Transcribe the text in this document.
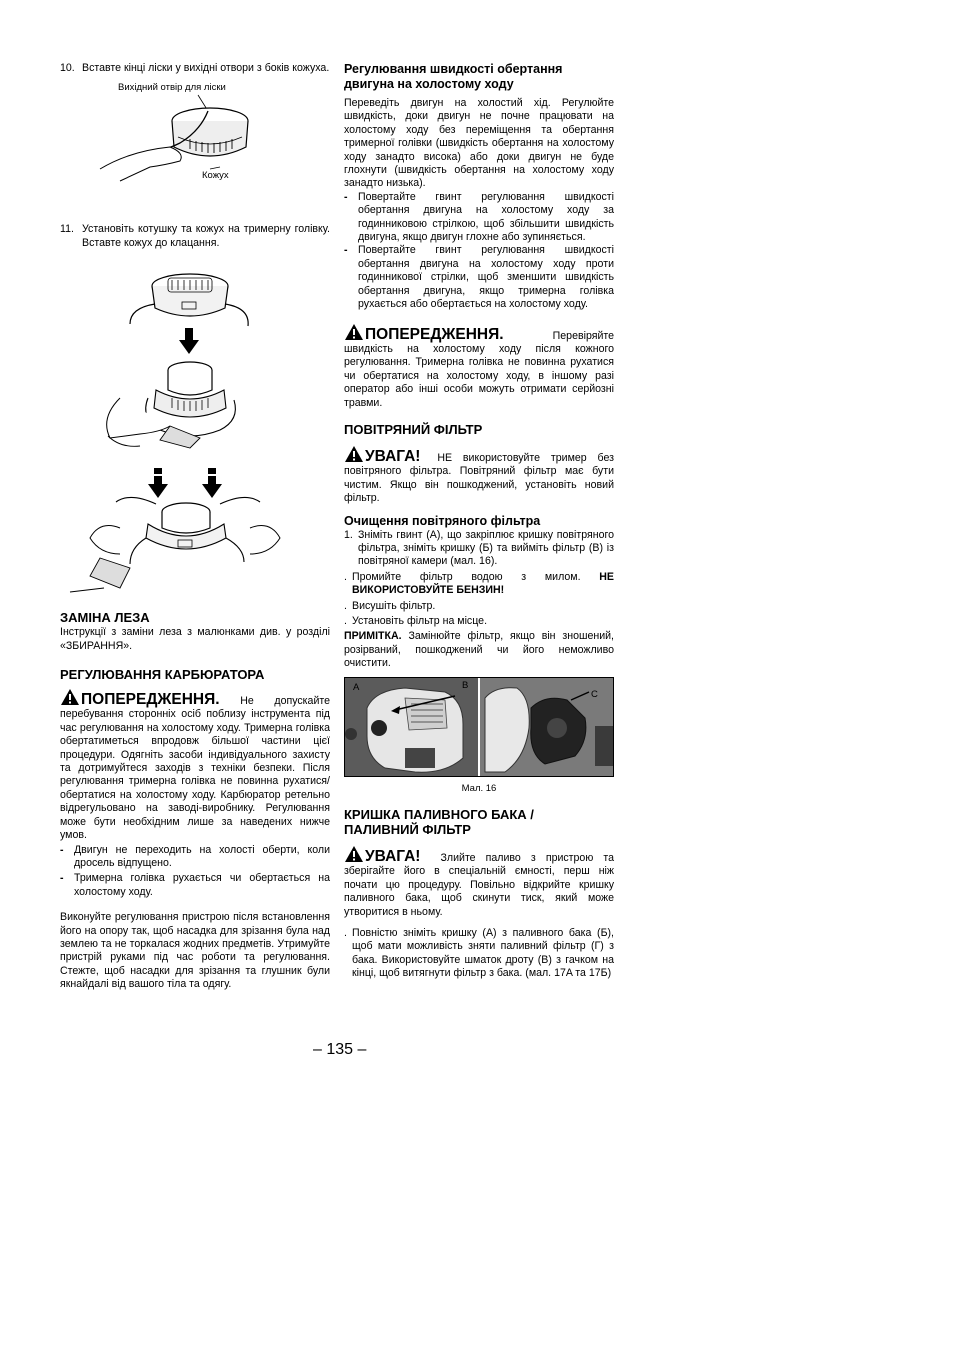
10. Вставте кінці ліски у вихідні отвори з боків кожуха.
Вихідний отвір для ліски
Кожух
11. Установіть котушку та кожух на тримерну голівку. Вставте кожух до клацання.
ЗАМІНА ЛЕЗА

Інструкції з заміни леза з малюнками див. у розділі «ЗБИРАННЯ».

РЕГУЛЮВАННЯ КАРБЮРАТОРА

ПОПЕРЕДЖЕННЯ. Не допускайте перебування сторонніх осіб поблизу інструмента під час регулювання на холостому ходу. Тримерна голівка обертатиметься впродовж більшої частини цієї процедури. Одягніть засоби індивідуального захисту та дотримуйтеся заходів з техніки безпеки. Після регулювання тримерна голівка не повинна рухатися/обертатися на холостому ходу. Карбюратор ретельно відрегульовано на заводі-виробнику. Регулювання може бути необхідним лише за наведених нижче умов.

- Двигун не переходить на холості оберти, коли дросель відпущено.
- Тримерна голівка рухається чи обертається на холостому ходу.

Виконуйте регулювання пристрою після встановлення його на опору так, щоб насадка для зрізання була над землею та не торкалася жодних предметів. Утримуйте пристрій руками під час роботи та регулювання. Стежте, щоб насадки для зрізання та глушник були якнайдалі від вашого тіла та одягу.

Регулювання швидкості обертання двигуна на холостому ходу

Переведіть двигун на холостий хід. Регулюйте швидкість, доки двигун не почне працювати на холостому ходу без переміщення та обертання тримерної голівки (швидкість обертання на холостому ходу занадто висока) або доки двигун не буде глохнути (швидкість обертання на холостому ходу занадто низька).

- Повертайте гвинт регулювання швидкості обертання двигуна на холостому ходу за годинниковою стрілкою, щоб збільшити швидкість двигуна, якщо двигун глохне або зупиняється.
- Повертайте гвинт регулювання швидкості обертання двигуна на холостому ходу проти годинникової стрілки, щоб зменшити швидкість обертання двигуна, якщо тримерна голівка рухається або обертається на холостому ходу.

ПОПЕРЕДЖЕННЯ.	Перевіряйте швидкість на холостому ходу після кожного регулювання. Тримерна голівка не повинна рухатися чи обертатися на холостому ходу, в іншому разі оператор або інші особи можуть отримати серйозні травми.

ПОВІТРЯНИЙ ФІЛЬТР

УВАГА! НЕ використовуйте тример без повітряного фільтра. Повітряний фільтр має бути чистим. Якщо він пошкоджений, установіть новий фільтр.

Очищення повітряного фільтра
1. Зніміть гвинт (A), що закріплює кришку повітряного фільтра, зніміть кришку (Б) та вийміть фільтр (B) із повітряної камери (мал. 16).
. Промийте фільтр водою з милом. НЕ ВИКОРИСТОВУЙТЕ БЕНЗИН!
. Висушіть фільтр.
. Установіть фільтр на місце.

ПРИМІТКА. Замінюйте фільтр, якщо він зношений, розірваний, пошкоджений чи його неможливо очистити.

A	B
C

Мал. 16

КРИШКА ПАЛИВНОГО БАКА /
ПАЛИВНИЙ ФІЛЬТР

УВАГА! Злийте паливо з пристрою та зберігайте його в спеціальній ємності, перш ніж почати цю процедуру. Повільно відкрийте кришку паливного бака, щоб скинути тиск, який може утворитися в ньому.

. Повністю зніміть кришку (A) з паливного бака (Б), щоб мати можливість зняти паливний фільтр (Г) з бака. Використовуйте шматок дроту (B) з гачком на кінці, щоб витягнути фільтр з бака. (мал. 17A та 17Б)
– 135 –
